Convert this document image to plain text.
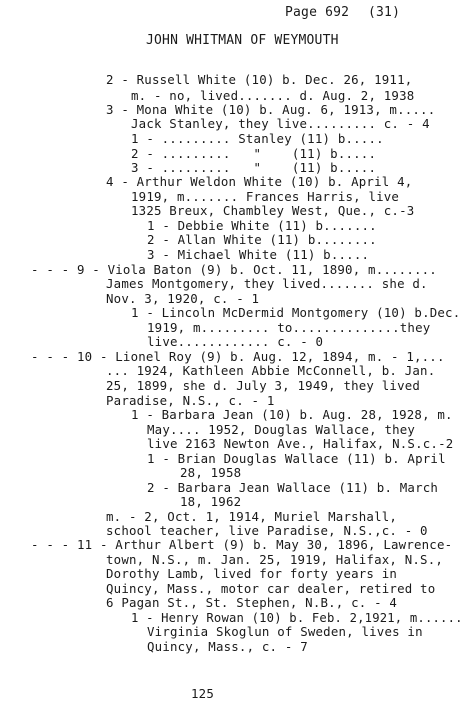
Page 692 (31)
JOHN WHITMAN OF WEYMOUTH
2 - Russell White (10) b. Dec. 26, 1911,
m. - no, lived....... d. Aug. 2, 1938
3 - Mona White (10) b. Aug. 6, 1913, m.....
Jack Stanley, they live......... c. - 4
1 - ......... Stanley (11) b.....
2 - .........   "    (11) b.....
3 - .........   "    (11) b.....
4 - Arthur Weldon White (10) b. April 4,
1919, m....... Frances Harris, live
1325 Breux, Chambley West, Que., c.-3
1 - Debbie White (11) b.......
2 - Allan White (11) b........
3 - Michael White (11) b.....
- - - 9 - Viola Baton (9) b. Oct. 11, 1890, m........
James Montgomery, they lived....... she d.
Nov. 3, 1920, c. - 1
1 - Lincoln McDermid Montgomery (10) b.Dec.
1919, m......... to..............they
live............ c. - 0
- - - 10 - Lionel Roy (9) b. Aug. 12, 1894, m. - 1,...
... 1924, Kathleen Abbie McConnell, b. Jan.
25, 1899, she d. July 3, 1949, they lived
Paradise, N.S., c. - 1
1 - Barbara Jean (10) b. Aug. 28, 1928, m.
May.... 1952, Douglas Wallace, they
live 2163 Newton Ave., Halifax, N.S.c.-2
1 - Brian Douglas Wallace (11) b. April
28, 1958
2 - Barbara Jean Wallace (11) b. March
18, 1962
m. - 2, Oct. 1, 1914, Muriel Marshall,
school teacher, live Paradise, N.S.,c. - 0
- - - 11 - Arthur Albert (9) b. May 30, 1896, Lawrence-
town, N.S., m. Jan. 25, 1919, Halifax, N.S.,
Dorothy Lamb, lived for forty years in
Quincy, Mass., motor car dealer, retired to
6 Pagan St., St. Stephen, N.B., c. - 4
1 - Henry Rowan (10) b. Feb. 2,1921, m......
Virginia Skoglun of Sweden, lives in
Quincy, Mass., c. - 7
125
